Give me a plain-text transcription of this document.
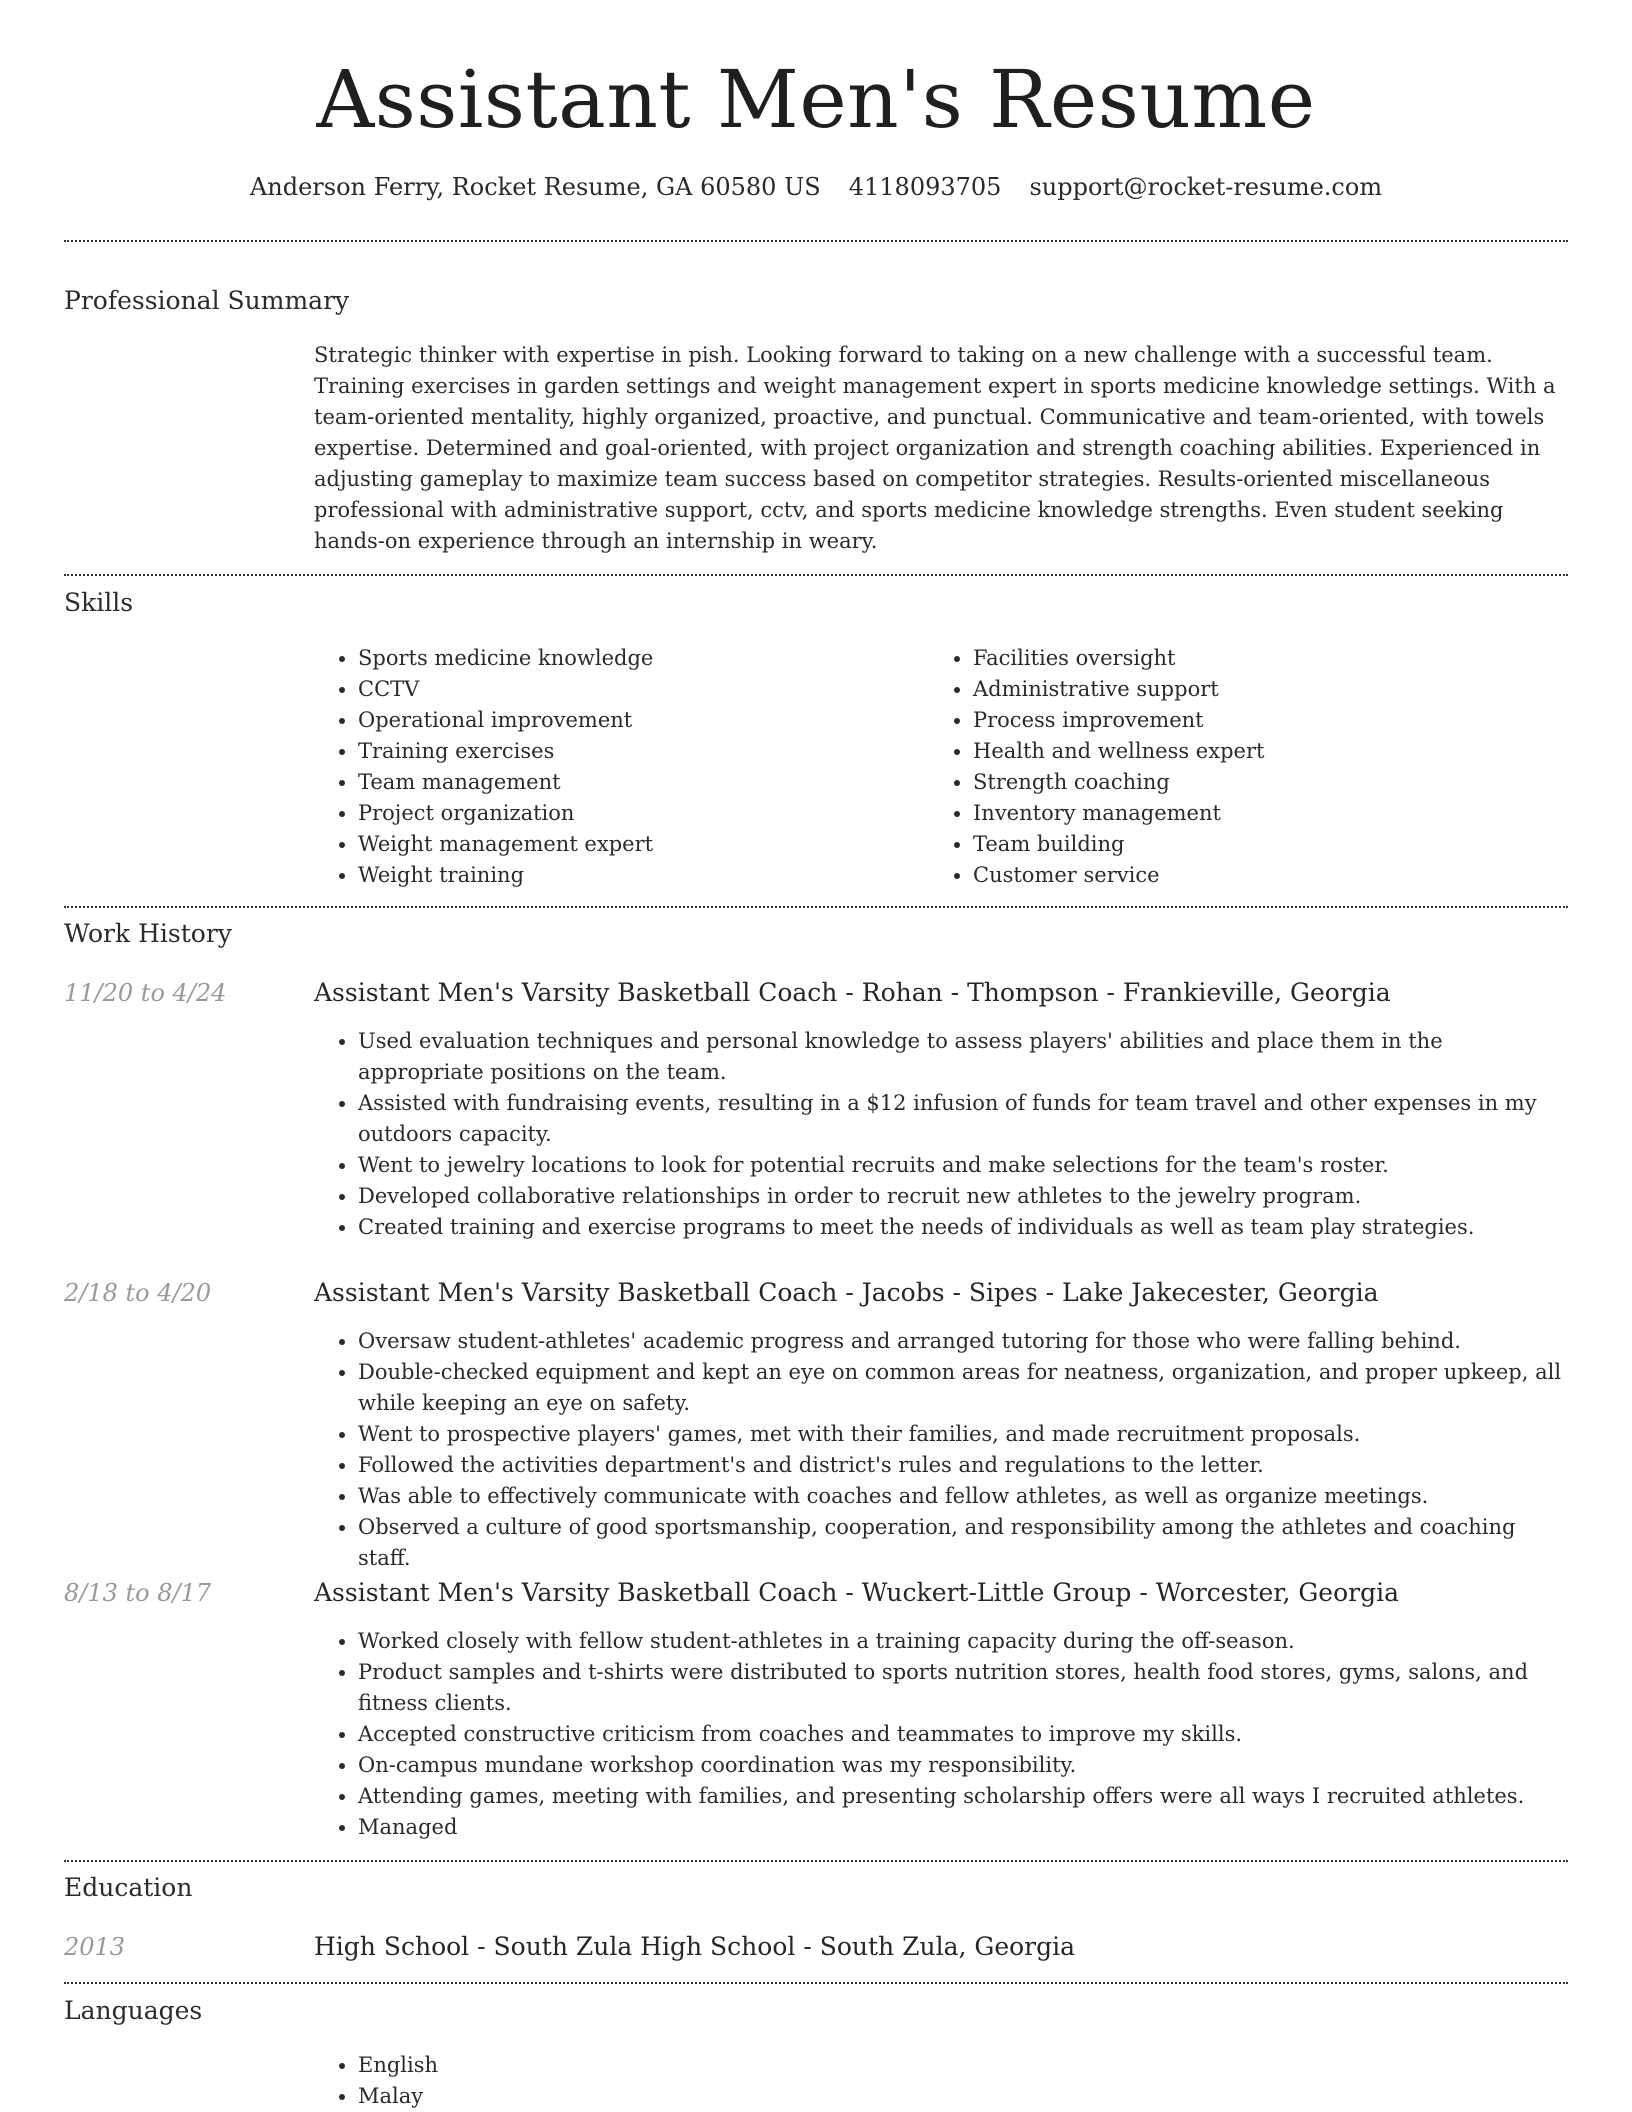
Assistant Men's Resume
Anderson Ferry, Rocket Resume, GA 60580 US 4118093705 support@rocket-resume.com
Professional Summary
Strategic thinker with expertise in pish. Looking forward to taking on a new challenge with a successful team. Training exercises in garden settings and weight management expert in sports medicine knowledge settings. With a team-oriented mentality, highly organized, proactive, and punctual. Communicative and team-oriented, with towels expertise. Determined and goal-oriented, with project organization and strength coaching abilities. Experienced in adjusting gameplay to maximize team success based on competitor strategies. Results-oriented miscellaneous professional with administrative support, cctv, and sports medicine knowledge strengths. Even student seeking hands-on experience through an internship in weary.
Skills
• Sports medicine knowledge
• CCTV
• Operational improvement
• Training exercises
• Team management
• Project organization
• Weight management expert
• Weight training
• Facilities oversight
• Administrative support
• Process improvement
• Health and wellness expert
• Strength coaching
• Inventory management
• Team building
• Customer service
Work History
11/20 to 4/24	Assistant Men's Varsity Basketball Coach - Rohan - Thompson - Frankieville, Georgia
• Used evaluation techniques and personal knowledge to assess players' abilities and place them in the appropriate positions on the team.
• Assisted with fundraising events, resulting in a $12 infusion of funds for team travel and other expenses in my outdoors capacity.
• Went to jewelry locations to look for potential recruits and make selections for the team's roster.
• Developed collaborative relationships in order to recruit new athletes to the jewelry program.
• Created training and exercise programs to meet the needs of individuals as well as team play strategies.
2/18 to 4/20	Assistant Men's Varsity Basketball Coach - Jacobs - Sipes - Lake Jakecester, Georgia
• Oversaw student-athletes' academic progress and arranged tutoring for those who were falling behind.
• Double-checked equipment and kept an eye on common areas for neatness, organization, and proper upkeep, all while keeping an eye on safety.
• Went to prospective players' games, met with their families, and made recruitment proposals.
• Followed the activities department's and district's rules and regulations to the letter.
• Was able to effectively communicate with coaches and fellow athletes, as well as organize meetings.
• Observed a culture of good sportsmanship, cooperation, and responsibility among the athletes and coaching staff.
8/13 to 8/17	Assistant Men's Varsity Basketball Coach - Wuckert-Little Group - Worcester, Georgia
• Worked closely with fellow student-athletes in a training capacity during the off-season.
• Product samples and t-shirts were distributed to sports nutrition stores, health food stores, gyms, salons, and fitness clients.
• Accepted constructive criticism from coaches and teammates to improve my skills.
• On-campus mundane workshop coordination was my responsibility.
• Attending games, meeting with families, and presenting scholarship offers were all ways I recruited athletes.
• Managed
Education
2013	High School - South Zula High School - South Zula, Georgia
Languages
• English
• Malay
